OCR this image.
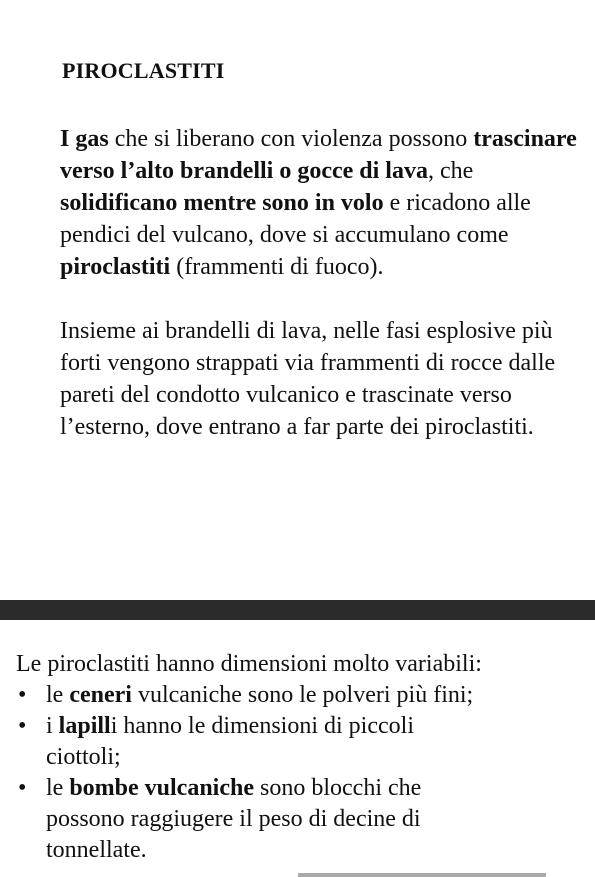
PIROCLASTITI
I gas che si liberano con violenza possono trascinare verso l’alto brandelli o gocce di lava, che solidificano mentre sono in volo e ricadono alle pendici del vulcano, dove si accumulano come piroclastiti (frammenti di fuoco).
Insieme ai brandelli di lava, nelle fasi esplosive più forti vengono strappati via frammenti di rocce dalle pareti del condotto vulcanico e trascinate verso l’esterno, dove entrano a far parte dei piroclastiti.
Le piroclastiti hanno dimensioni molto variabili:
• le ceneri vulcaniche sono le polveri più fini;
• i lapilli hanno le dimensioni di piccoli ciottoli;
• le bombe vulcaniche sono blocchi che possono raggiugere il peso di decine di tonnellate.
